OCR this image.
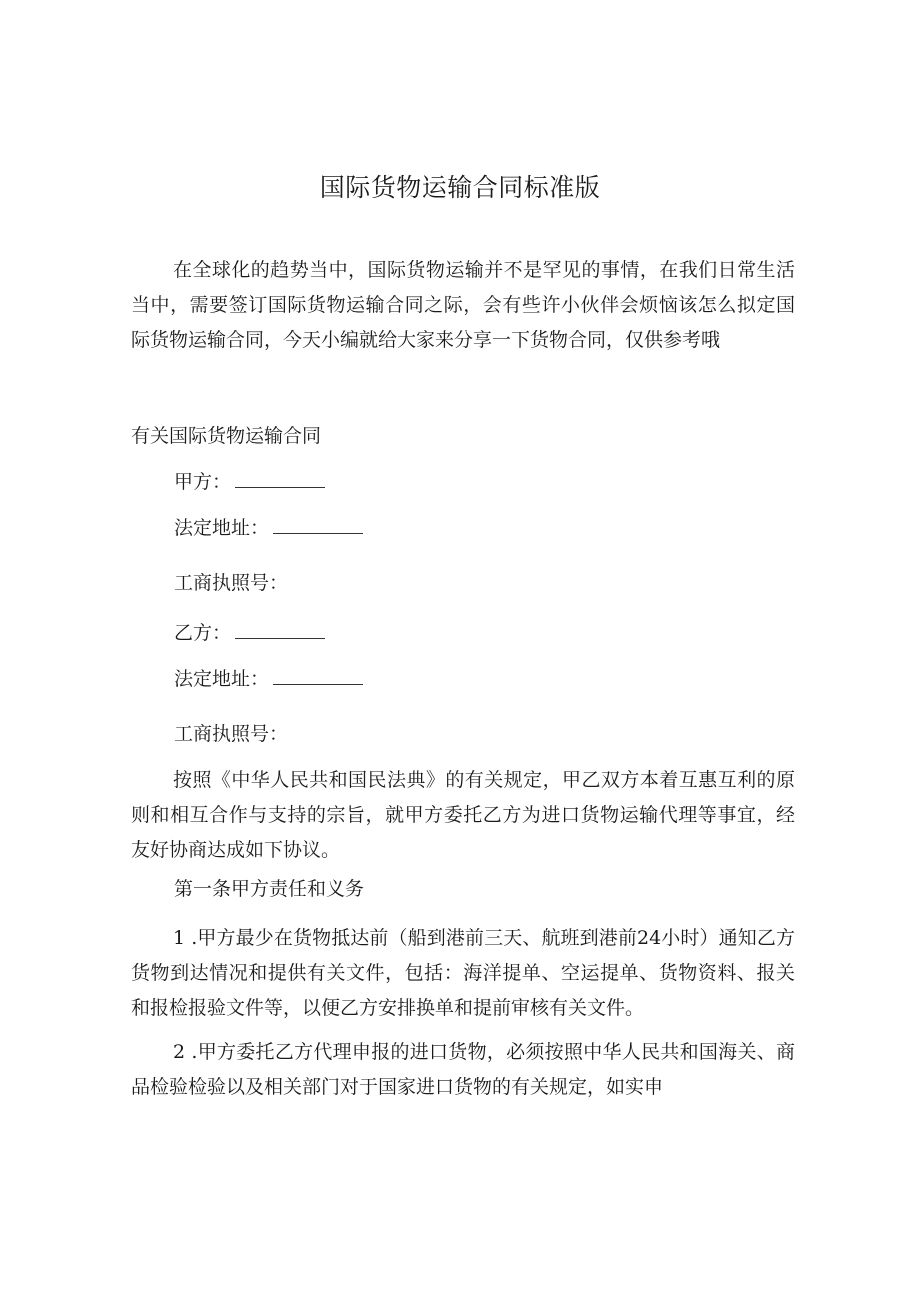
国际货物运输合同标准版

在全球化的趋势当中，国际货物运输并不是罕见的事情，在我们日常生活当中，需要签订国际货物运输合同之际，会有些许小伙伴会烦恼该怎么拟定国际货物运输合同，今天小编就给大家来分享一下货物合同，仅供参考哦

有关国际货物运输合同

甲方：

法定地址：

工商执照号：

乙方：

法定地址：

工商执照号：

按照《中华人民共和国民法典》的有关规定，甲乙双方本着互惠互利的原则和相互合作与支持的宗旨，就甲方委托乙方为进口货物运输代理等事宜，经友好协商达成如下协议。

第一条甲方责任和义务

1 .甲方最少在货物抵达前（船到港前三天、航班到港前24小时）通知乙方货物到达情况和提供有关文件，包括：海洋提单、空运提单、货物资料、报关和报检报验文件等，以便乙方安排换单和提前审核有关文件。

2 .甲方委托乙方代理申报的进口货物，必须按照中华人民共和国海关、商品检验检验以及相关部门对于国家进口货物的有关规定，如实申
